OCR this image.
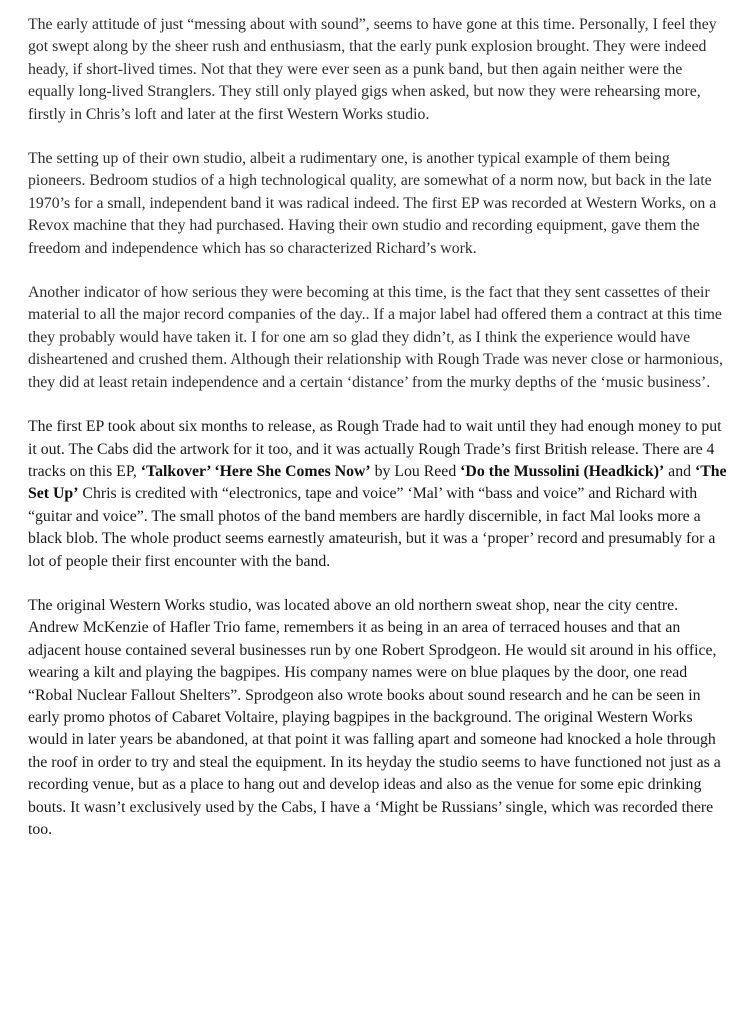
The early attitude of just “messing about with sound”, seems to have gone at this time. Personally, I feel they got swept along by the sheer rush and enthusiasm, that the early punk explosion brought. They were indeed heady, if short-lived times. Not that they were ever seen as a punk band, but then again neither were the equally long-lived Stranglers. They still only played gigs when asked, but now they were rehearsing more, firstly in Chris’s loft and later at the first Western Works studio.

The setting up of their own studio, albeit a rudimentary one, is another typical example of them being pioneers. Bedroom studios of a high technological quality, are somewhat of a norm now, but back in the late 1970’s for a small, independent band it was radical indeed. The first EP was recorded at Western Works, on a Revox machine that they had purchased. Having their own studio and recording equipment, gave them the freedom and independence which has so characterized Richard’s work.

Another indicator of how serious they were becoming at this time, is the fact that they sent cassettes of their material to all the major record companies of the day.. If a major label had offered them a contract at this time they probably would have taken it. I for one am so glad they didn’t, as I think the experience would have disheartened and crushed them. Although their relationship with Rough Trade was never close or harmonious, they did at least retain independence and a certain ‘distance’ from the murky depths of the ‘music business’.

The first EP took about six months to release, as Rough Trade had to wait until they had enough money to put it out. The Cabs did the artwork for it too, and it was actually Rough Trade’s first British release. There are 4 tracks on this EP, ‘Talkover’ ‘Here She Comes Now’ by Lou Reed ‘Do the Mussolini (Headkick)’ and ‘The Set Up’ Chris is credited with “electronics, tape and voice” ‘Mal’ with “bass and voice” and Richard with “guitar and voice”. The small photos of the band members are hardly discernible, in fact Mal looks more a black blob. The whole product seems earnestly amateurish, but it was a ‘proper’ record and presumably for a lot of people their first encounter with the band.

The original Western Works studio, was located above an old northern sweat shop, near the city centre. Andrew McKenzie of Hafler Trio fame, remembers it as being in an area of terraced houses and that an adjacent house contained several businesses run by one Robert Sprodgeon. He would sit around in his office, wearing a kilt and playing the bagpipes. His company names were on blue plaques by the door, one read “Robal Nuclear Fallout Shelters”. Sprodgeon also wrote books about sound research and he can be seen in early promo photos of Cabaret Voltaire, playing bagpipes in the background. The original Western Works would in later years be abandoned, at that point it was falling apart and someone had knocked a hole through the roof in order to try and steal the equipment. In its heyday the studio seems to have functioned not just as a recording venue, but as a place to hang out and develop ideas and also as the venue for some epic drinking bouts. It wasn’t exclusively used by the Cabs, I have a ‘Might be Russians’ single, which was recorded there too.
